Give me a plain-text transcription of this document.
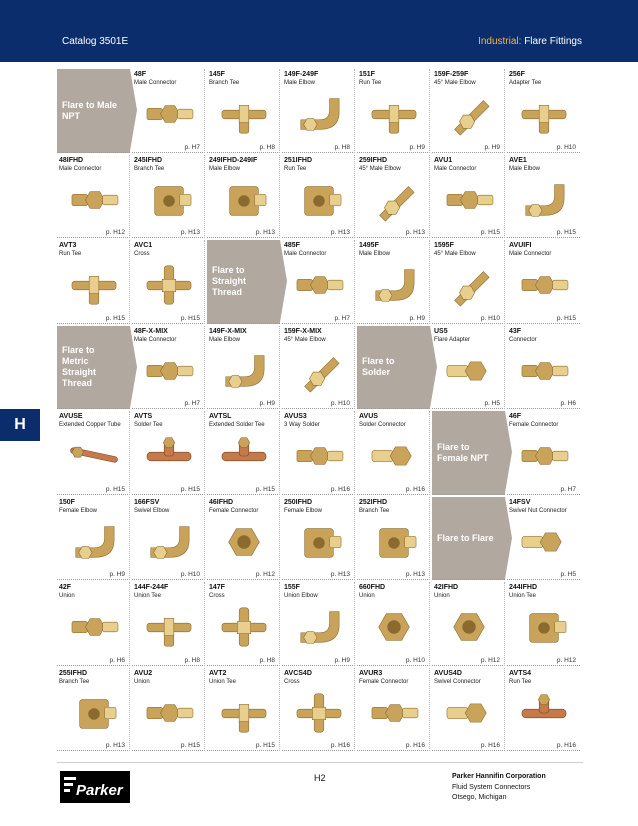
Catalog 3501E	Industrial: Flare Fittings
H
48F
Male Connector
p. H7
145F
Branch Tee
p. H8
149F-249F
Male Elbow
p. H8
151F
Run Tee
p. H9
159F-259F
45° Male Elbow
p. H9
256F
Adapter Tee
p. H10
48IFHD
Male Connector
p. H12
245IFHD
Branch Tee
p. H13
249IFHD-249IF
Male Elbow
p. H13
251IFHD
Run Tee
p. H13
259IFHD
45° Male Elbow
p. H13
AVU1
Male Connector
p. H15
AVE1
Male Elbow
p. H15
AVT3
Run Tee
p. H15
AVC1
Cross
p. H15
485F
Male Connector
p. H7
1495F
Male Elbow
p. H9
1595F
45° Male Elbow
p. H10
AVUIFI
Male Connector
p. H15
48F-X-MIX
Male Connector
p. H7
149F-X-MIX
Male Elbow
p. H9
159F-X-MIX
45° Male Elbow
p. H10
US5
Flare Adapter
p. H5
43F
Connector
p. H6
AVUSE
Extended Copper Tube
p. H15
AVTS
Solder Tee
p. H15
AVTSL
Extended Solder Tee
p. H15
AVUS3
3 Way Solder
p. H16
AVUS
Solder Connector
p. H16
46F
Female Connector
p. H7
150F
Female Elbow
p. H9
166FSV
Swivel Elbow
p. H10
46IFHD
Female Connector
p. H12
250IFHD
Female Elbow
p. H13
252IFHD
Branch Tee
p. H13
14FSV
Swivel Nut Connector
p. H5
42F
Union
p. H6
144F-244F
Union Tee
p. H8
147F
Cross
p. H8
155F
Union Elbow
p. H9
660FHD
Union
p. H10
42IFHD
Union
p. H12
244IFHD
Union Tee
p. H12
255IFHD
Branch Tee
p. H13
AVU2
Union
p. H15
AVT2
Union Tee
p. H15
AVCS4D
Cross
p. H16
AVUR3
Female Connector
p. H16
AVUS4D
Swivel Connector
p. H16
AVTS4
Run Tee
p. H16
Flare to Male
NPT
Flare to
Straight
Thread
Flare to
Metric
Straight
Thread
Flare to
Solder
Flare to
Female NPT
Flare to Flare
Parker
H2	Parker Hannifin Corporation
Fluid System Connectors
Otsego, Michigan
